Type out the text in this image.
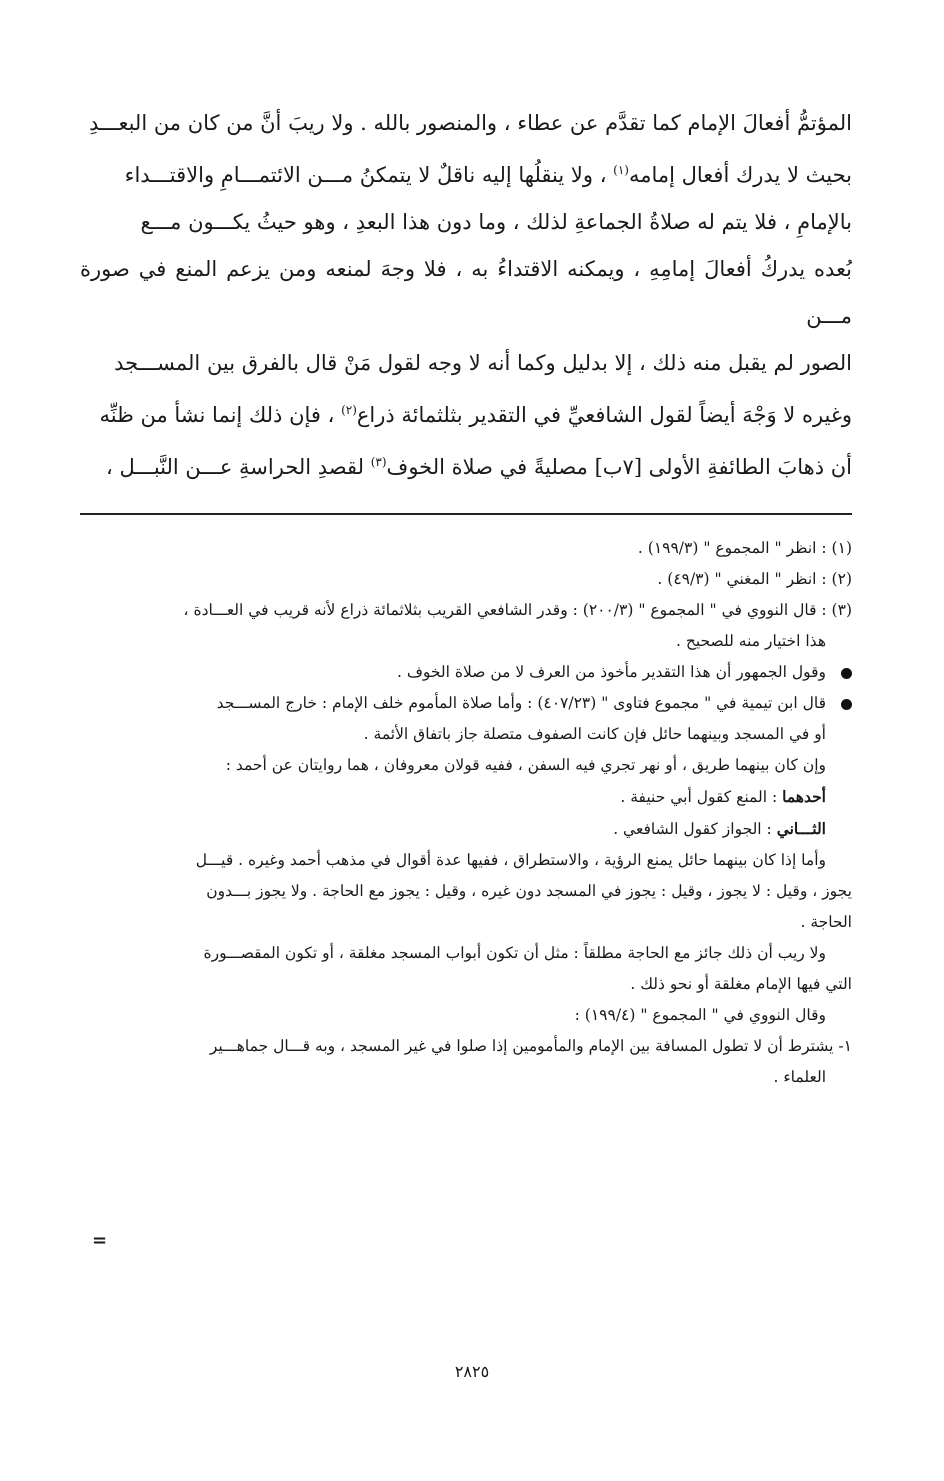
المؤتمُّ أفعالَ الإمام كما تقدَّم عن عطاء ، والمنصور بالله . ولا ريبَ أنَّ من كان من البعـــدِ

بحيث لا يدرك أفعال إمامه$^{(١)}$ ، ولا ينقلُها إليه ناقلٌ لا يتمكنُ مـــن الائتمـــامِ والاقتـــداء

بالإمامِ ، فلا يتم له صلاةُ الجماعةِ لذلك ، وما دون هذا البعدِ ، وهو حيثُ يكـــون مـــع

بُعده يدركُ أفعالَ إمامِهِ ، ويمكنه الاقتداءُ به ، فلا وجهَ لمنعه ومن يزعم المنع في صورة مـــن

الصور لم يقبل منه ذلك ، إلا بدليل وكما أنه لا وجه لقول مَنْ قال بالفرق بين المســـجد

وغيره لا وَجْهَ أيضاً لقول الشافعيِّ في التقدير بثلثمائة ذراع$^{(٢)}$ ، فإن ذلك إنما نشأ من ظنِّه

أن ذهابَ الطائفةِ الأولى [٧ب] مصليةً في صلاة الخوف$^{(٣)}$ لقصدِ الحراسةِ عـــن النَّبـــل ،

(١) : انظر " المجموع " (١٩٩/٣) .

(٢) : انظر " المغني " (٤٩/٣) .

(٣) : قال النووي في " المجموع " (٢٠٠/٣) : وقدر الشافعي القريب بثلاثمائة ذراع لأنه قريب في العـــادة ،

هذا اختيار منه للصحيح .

وقول الجمهور أن هذا التقدير مأخوذ من العرف لا من صلاة الخوف .

قال ابن تيمية في " مجموع فتاوى " (٤٠٧/٢٣) : وأما صلاة المأموم خلف الإمام : خارج المســـجد

أو في المسجد وبينهما حائل فإن كانت الصفوف متصلة جاز باتفاق الأئمة .

وإن كان بينهما طريق ، أو نهر تجري فيه السفن ، ففيه قولان معروفان ، هما روايتان عن أحمد :

أحدهما : المنع كقول أبي حنيفة .

الثـــاني : الجواز كقول الشافعي .

وأما إذا كان بينهما حائل يمنع الرؤية ، والاستطراق ، ففيها عدة أقوال في مذهب أحمد وغيره . قيـــل

يجوز ، وقيل : لا يجوز ، وقيل : يجوز في المسجد دون غيره ، وقيل : يجوز مع الحاجة . ولا يجوز بـــدون

الحاجة .

ولا ريب أن ذلك جائز مع الحاجة مطلقاً : مثل أن تكون أبواب المسجد مغلقة ، أو تكون المقصـــورة

التي فيها الإمام مغلقة أو نحو ذلك .

وقال النووي في " المجموع " (١٩٩/٤) :

١- يشترط أن لا تطول المسافة بين الإمام والمأمومين إذا صلوا في غير المسجد ، وبه قـــال جماهـــير

العلماء .

=
٢٨٢٥
